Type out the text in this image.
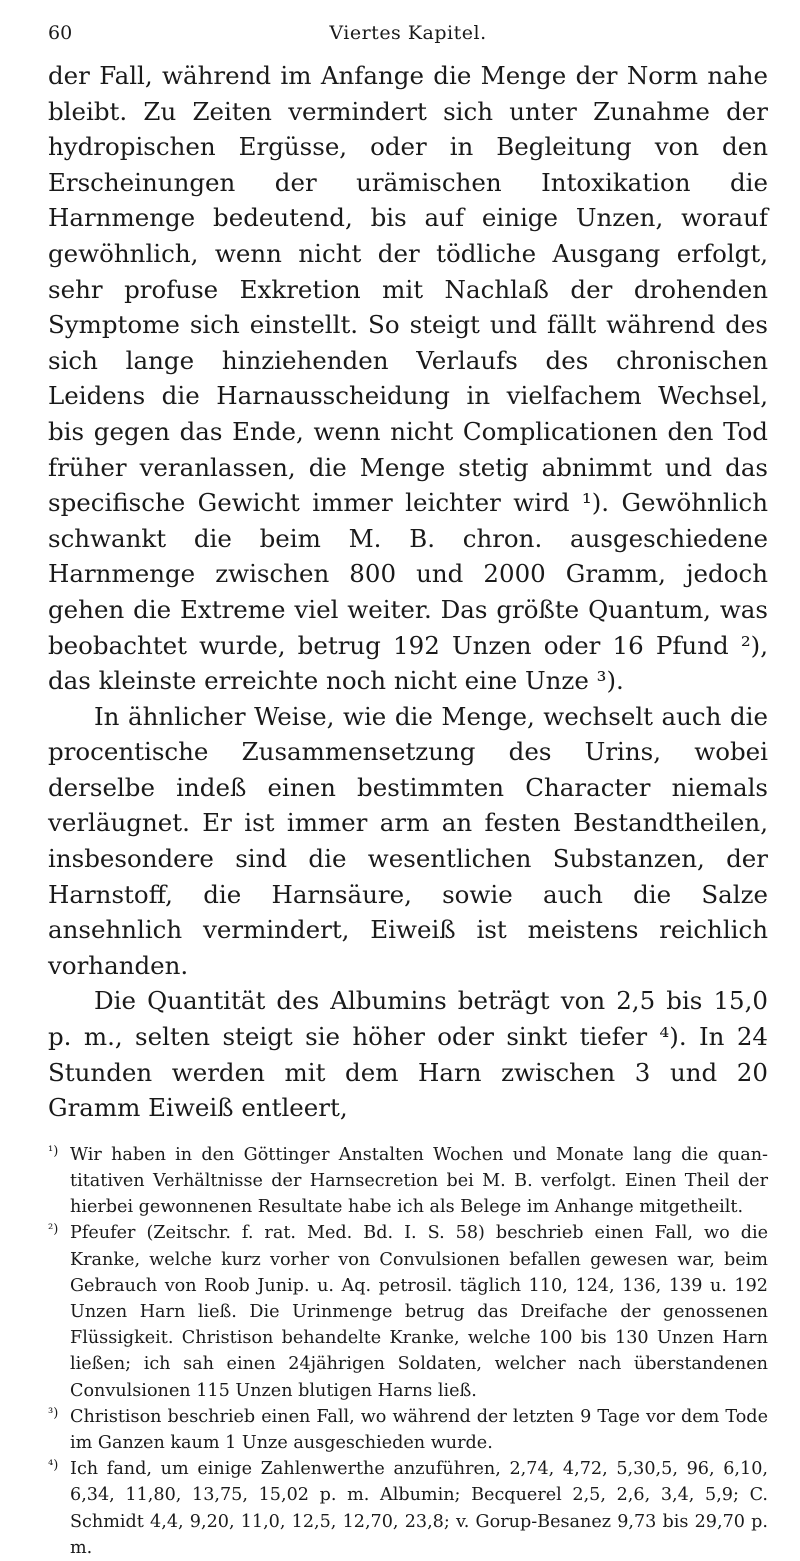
60	Viertes Kapitel.

der Fall, während im Anfange die Menge der Norm nahe bleibt. Zu Zeiten vermindert sich unter Zunahme der hydropischen Ergüsse, oder in Begleitung von den Erscheinungen der urämischen Intoxikation die Harnmenge bedeutend, bis auf einige Unzen, worauf gewöhnlich, wenn nicht der tödliche Ausgang erfolgt, sehr profuse Exkretion mit Nachlaß der drohenden Symptome sich einstellt. So steigt und fällt während des sich lange hinziehenden Verlaufs des chronischen Leidens die Harnausscheidung in vielfachem Wechsel, bis gegen das Ende, wenn nicht Complicationen den Tod früher veranlassen, die Menge stetig abnimmt und das specifische Gewicht immer leichter wird ¹). Gewöhnlich schwankt die beim M. B. chron. ausgeschiedene Harnmenge zwischen 800 und 2000 Gramm, jedoch gehen die Extreme viel weiter. Das größte Quantum, was beobachtet wurde, betrug 192 Unzen oder 16 Pfund ²), das kleinste erreichte noch nicht eine Unze ³).

In ähnlicher Weise, wie die Menge, wechselt auch die procentische Zusammensetzung des Urins, wobei derselbe indeß einen bestimmten Character niemals verläugnet. Er ist immer arm an festen Bestandtheilen, insbesondere sind die wesentlichen Substanzen, der Harnstoff, die Harnsäure, sowie auch die Salze ansehnlich vermindert, Eiweiß ist meistens reichlich vorhanden.

Die Quantität des Albumins beträgt von 2,5 bis 15,0 p. m., selten steigt sie höher oder sinkt tiefer ⁴). In 24 Stunden werden mit dem Harn zwischen 3 und 20 Gramm Eiweiß entleert,

¹) Wir haben in den Göttinger Anstalten Wochen und Monate lang die quantitativen Verhältnisse der Harnsecretion bei M. B. verfolgt. Einen Theil der hierbei gewonnenen Resultate habe ich als Belege im Anhange mitgetheilt.
²) Pfeufer (Zeitschr. f. rat. Med. Bd. I. S. 58) beschrieb einen Fall, wo die Kranke, welche kurz vorher von Convulsionen befallen gewesen war, beim Gebrauch von Roob Junip. u. Aq. petrosil. täglich 110, 124, 136, 139 u. 192 Unzen Harn ließ. Die Urinmenge betrug das Dreifache der genossenen Flüssigkeit. Christison behandelte Kranke, welche 100 bis 130 Unzen Harn ließen; ich sah einen 24jährigen Soldaten, welcher nach überstandenen Convulsionen 115 Unzen blutigen Harns ließ.
³) Christison beschrieb einen Fall, wo während der letzten 9 Tage vor dem Tode im Ganzen kaum 1 Unze ausgeschieden wurde.
⁴) Ich fand, um einige Zahlenwerthe anzuführen, 2,74, 4,72, 5,30,5, 96, 6,10, 6,34, 11,80, 13,75, 15,02 p. m. Albumin; Becquerel 2,5, 2,6, 3,4, 5,9; C. Schmidt 4,4, 9,20, 11,0, 12,5, 12,70, 23,8; v. Gorup-Besanez 9,73 bis 29,70 p. m.
